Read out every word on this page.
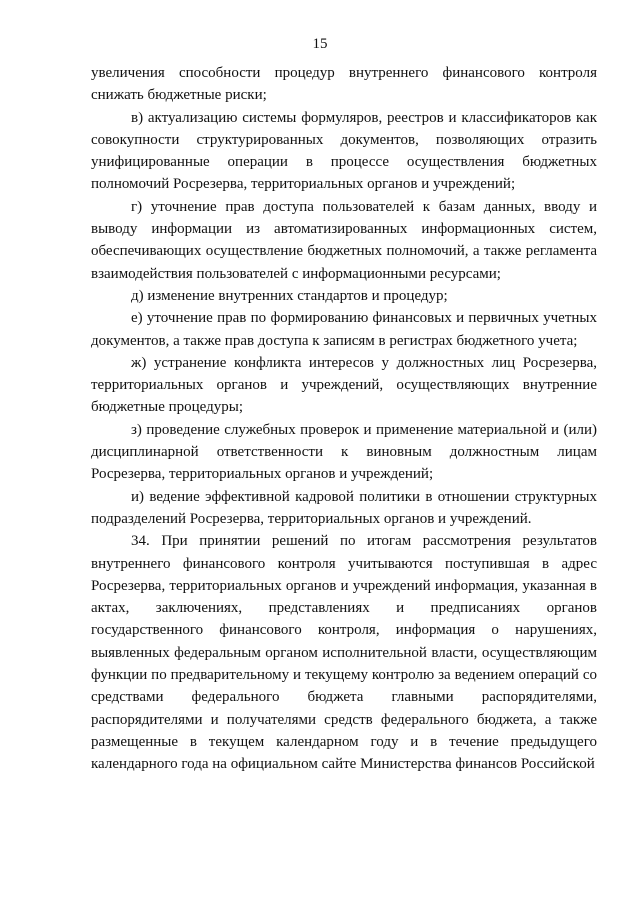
15

увеличения способности процедур внутреннего финансового контроля снижать бюджетные риски;

в) актуализацию системы формуляров, реестров и классификаторов как совокупности структурированных документов, позволяющих отразить унифицированные операции в процессе осуществления бюджетных полномочий Росрезерва, территориальных органов и учреждений;

г) уточнение прав доступа пользователей к базам данных, вводу и выводу информации из автоматизированных информационных систем, обеспечивающих осуществление бюджетных полномочий, а также регламента взаимодействия пользователей с информационными ресурсами;

д) изменение внутренних стандартов и процедур;

е) уточнение прав по формированию финансовых и первичных учетных документов, а также прав доступа к записям в регистрах бюджетного учета;

ж) устранение конфликта интересов у должностных лиц Росрезерва, территориальных органов и учреждений, осуществляющих внутренние бюджетные процедуры;

з) проведение служебных проверок и применение материальной и (или) дисциплинарной ответственности к виновным должностным лицам Росрезерва, территориальных органов и учреждений;

и) ведение эффективной кадровой политики в отношении структурных подразделений Росрезерва, территориальных органов и учреждений.

34. При принятии решений по итогам рассмотрения результатов внутреннего финансового контроля учитываются поступившая в адрес Росрезерва, территориальных органов и учреждений информация, указанная в актах, заключениях, представлениях и предписаниях органов государственного финансового контроля, информация о нарушениях, выявленных федеральным органом исполнительной власти, осуществляющим функции по предварительному и текущему контролю за ведением операций со средствами федерального бюджета главными распорядителями, распорядителями и получателями средств федерального бюджета, а также размещенные в текущем календарном году и в течение предыдущего календарного года на официальном сайте Министерства финансов Российской
